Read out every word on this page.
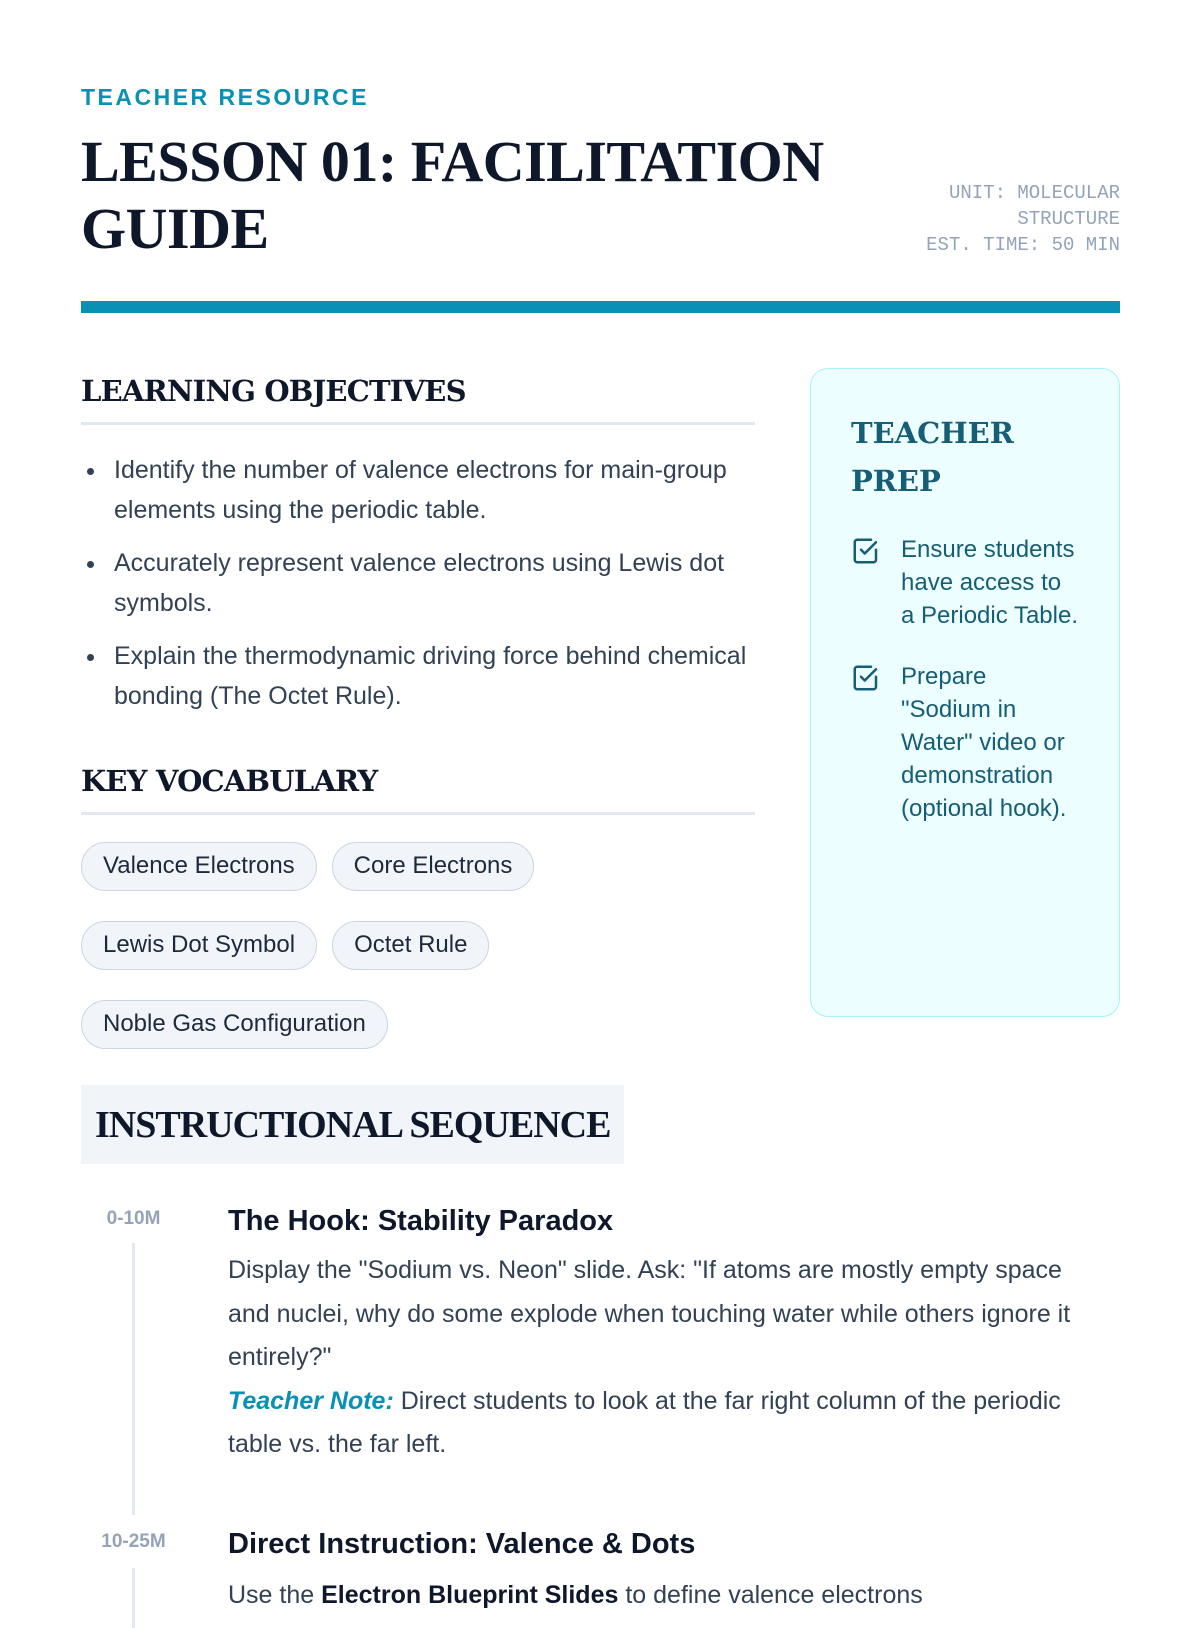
TEACHER RESOURCE
LESSON 01: FACILITATION GUIDE
UNIT: MOLECULAR STRUCTURE
EST. TIME: 50 MIN
LEARNING OBJECTIVES
Identify the number of valence electrons for main-group elements using the periodic table.
Accurately represent valence electrons using Lewis dot symbols.
Explain the thermodynamic driving force behind chemical bonding (The Octet Rule).
KEY VOCABULARY
Valence Electrons	Core Electrons
Lewis Dot Symbol	Octet Rule
Noble Gas Configuration
TEACHER PREP
Ensure students have access to a Periodic Table.
Prepare "Sodium in Water" video or demonstration (optional hook).
INSTRUCTIONAL SEQUENCE
0-10M	The Hook: Stability Paradox
Display the "Sodium vs. Neon" slide. Ask: "If atoms are mostly empty space and nuclei, why do some explode when touching water while others ignore it entirely?"
Teacher Note: Direct students to look at the far right column of the periodic table vs. the far left.
10-25M	Direct Instruction: Valence & Dots
Use the Electron Blueprint Slides to define valence electrons
